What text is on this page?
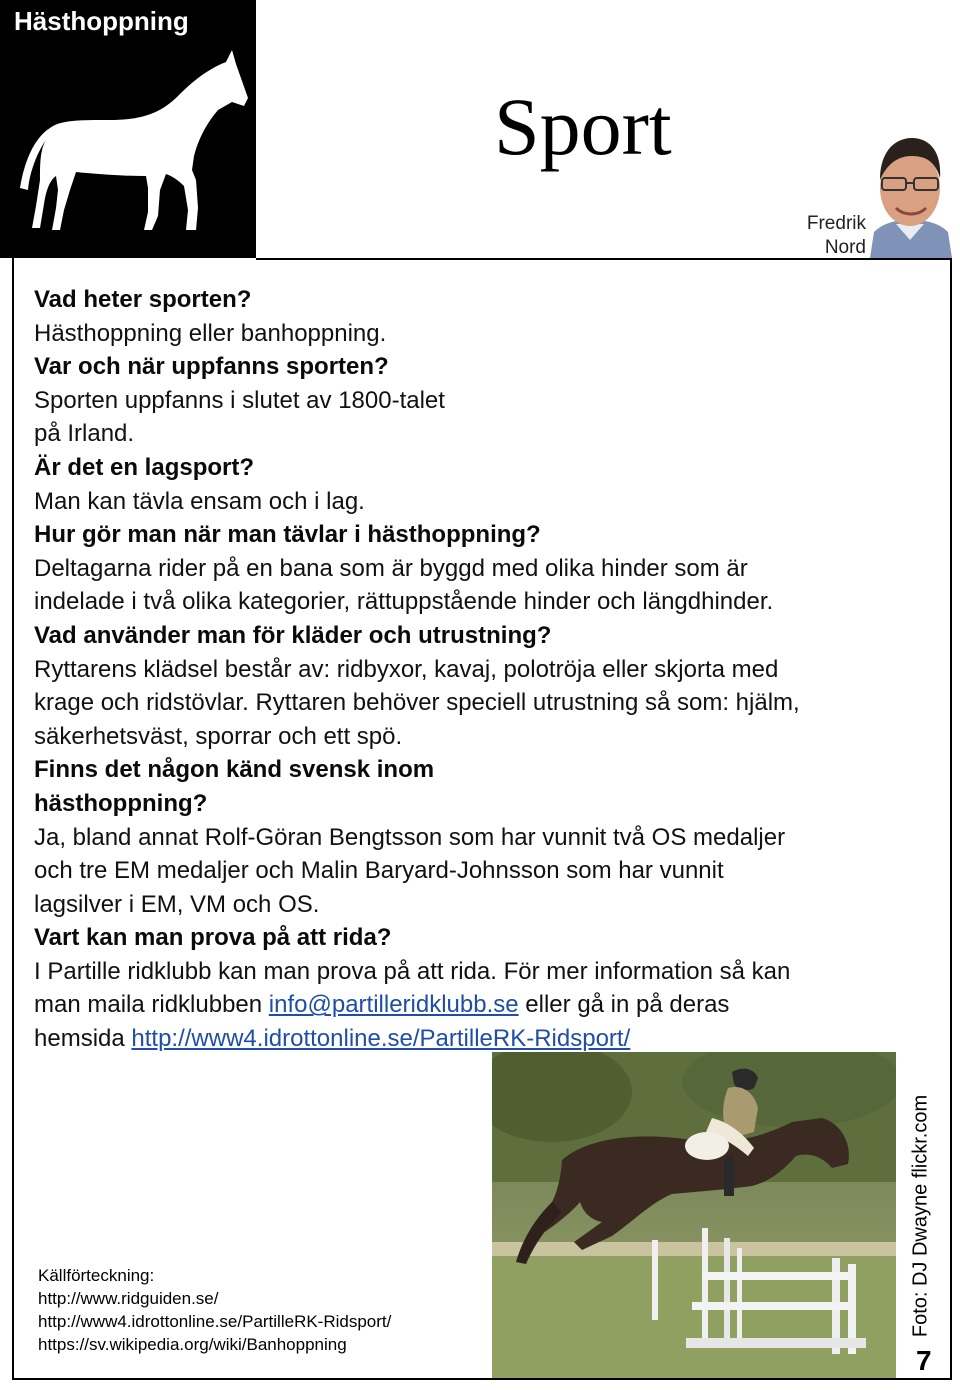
Hästhoppning
Sport
Fredrik
Nord

Vad heter sporten?

Hästhoppning eller banhoppning.

Var och när uppfanns sporten?

Sporten uppfanns i slutet av 1800-talet

på Irland.

Är det en lagsport?

Man kan tävla ensam och i lag.

Hur gör man när man tävlar i hästhoppning?

Deltagarna rider på en bana som är byggd med olika hinder som är

indelade i två olika kategorier, rättuppstående hinder och längdhinder.

Vad använder man för kläder och utrustning?

Ryttarens klädsel består av: ridbyxor, kavaj, polotröja eller skjorta med

krage och ridstövlar. Ryttaren behöver speciell utrustning så som: hjälm,

säkerhetsväst, sporrar och ett spö.

Finns det någon känd svensk inom

hästhoppning?

Ja, bland annat Rolf-Göran Bengtsson som har vunnit två OS medaljer

och tre EM medaljer och Malin Baryard-Johnsson som har vunnit

lagsilver i EM, VM och OS.

Vart kan man prova på att rida?

I Partille ridklubb kan man prova på att rida. För mer information så kan

man maila ridklubben info@partilleridklubb.se eller gå in på deras

hemsida http://www4.idrottonline.se/PartilleRK-Ridsport/

Foto: DJ Dwayne flickr.com
Källförteckning:
http://www.ridguiden.se/
http://www4.idrottonline.se/PartilleRK-Ridsport/
https://sv.wikipedia.org/wiki/Banhoppning
7
